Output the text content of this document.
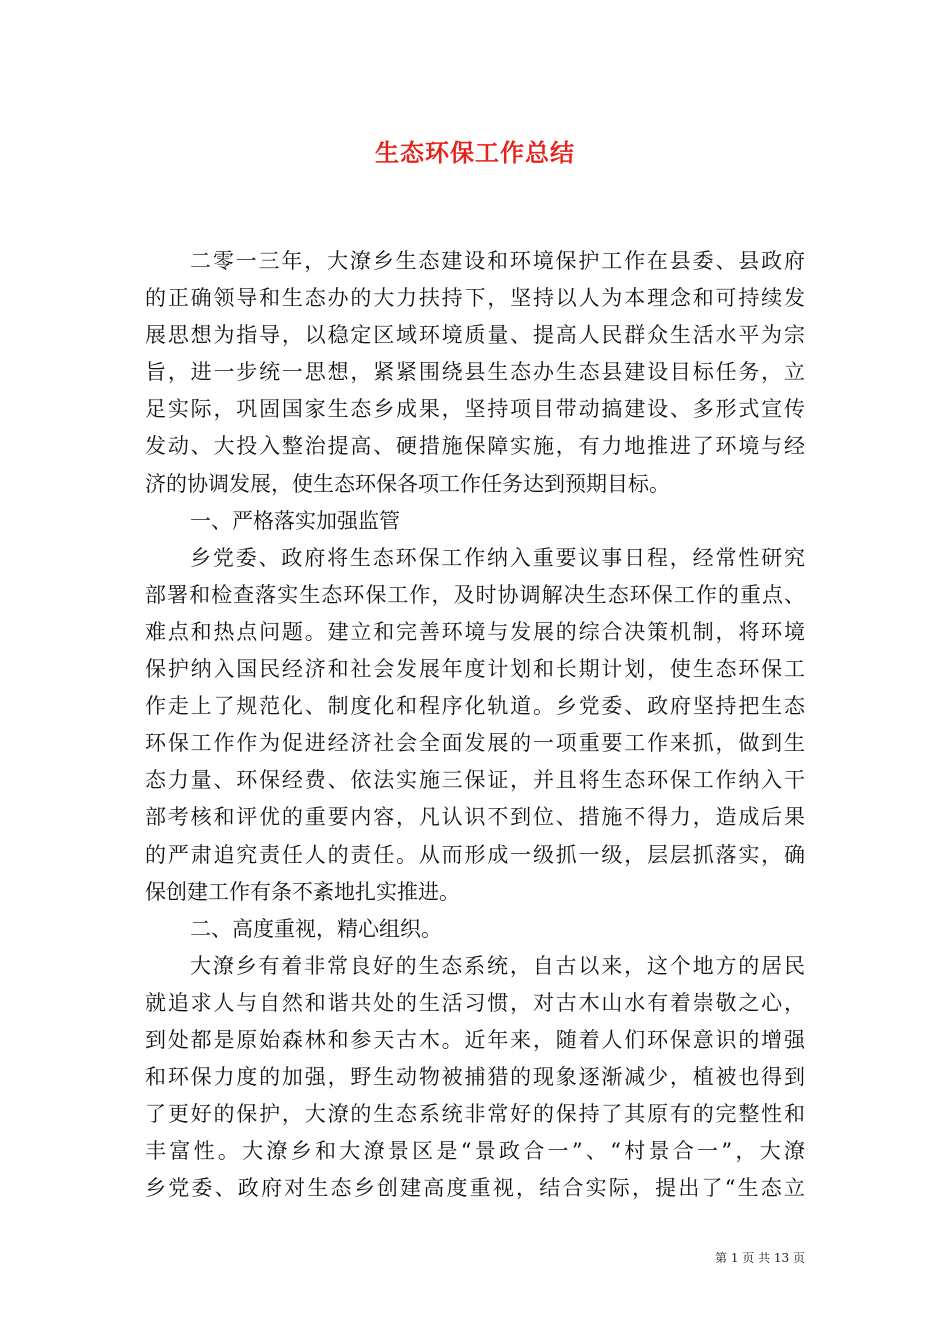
生态环保工作总结
二零一三年，大潦乡生态建设和环境保护工作在县委、县政府
的正确领导和生态办的大力扶持下，坚持以人为本理念和可持续发
展思想为指导，以稳定区域环境质量、提高人民群众生活水平为宗
旨，进一步统一思想，紧紧围绕县生态办生态县建设目标任务，立
足实际，巩固国家生态乡成果，坚持项目带动搞建设、多形式宣传
发动、大投入整治提高、硬措施保障实施，有力地推进了环境与经
济的协调发展，使生态环保各项工作任务达到预期目标。
一、严格落实加强监管
乡党委、政府将生态环保工作纳入重要议事日程，经常性研究
部署和检查落实生态环保工作，及时协调解决生态环保工作的重点、
难点和热点问题。建立和完善环境与发展的综合决策机制，将环境
保护纳入国民经济和社会发展年度计划和长期计划，使生态环保工
作走上了规范化、制度化和程序化轨道。乡党委、政府坚持把生态
环保工作作为促进经济社会全面发展的一项重要工作来抓，做到生
态力量、环保经费、依法实施三保证，并且将生态环保工作纳入干
部考核和评优的重要内容，凡认识不到位、措施不得力，造成后果
的严肃追究责任人的责任。从而形成一级抓一级，层层抓落实，确
保创建工作有条不紊地扎实推进。
二、高度重视，精心组织。
大潦乡有着非常良好的生态系统，自古以来，这个地方的居民
就追求人与自然和谐共处的生活习惯，对古木山水有着崇敬之心，
到处都是原始森林和参天古木。近年来，随着人们环保意识的增强
和环保力度的加强，野生动物被捕猎的现象逐渐减少，植被也得到
了更好的保护，大潦的生态系统非常好的保持了其原有的完整性和
丰富性。大潦乡和大潦景区是“景政合一”、“村景合一”，大潦
乡党委、政府对生态乡创建高度重视，结合实际，提出了“生态立
第 1 页 共 13 页
